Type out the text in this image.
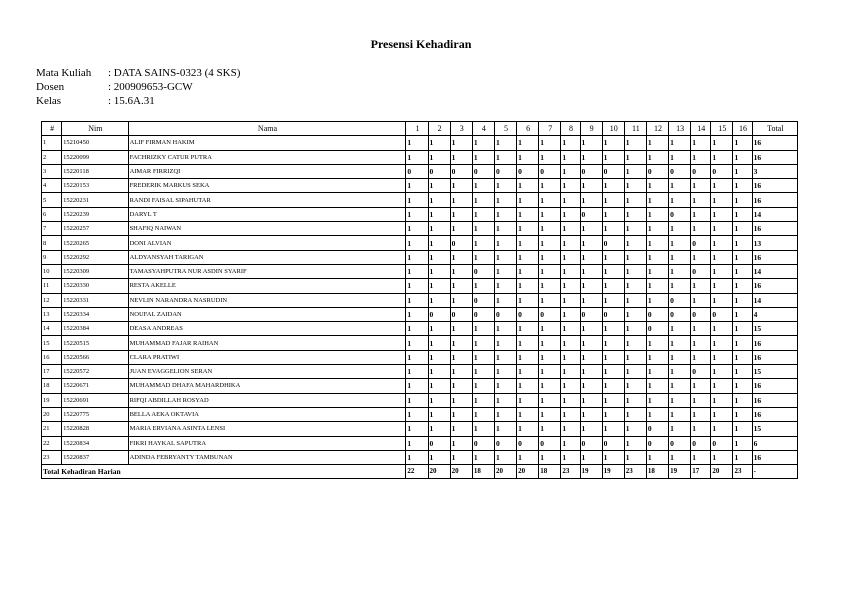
Presensi Kehadiran
Mata Kuliah	: DATA SAINS-0323 (4 SKS)
Dosen	: 200909653-GCW
Kelas	: 15.6A.31
#	Nim	Nama	1	2	3	4	5	6	7	8	9	10	11	12	13	14	15	16	Total
1	15210450	ALIF FIRMAN HAKIM	1	1	1	1	1	1	1	1	1	1	1	1	1	1	1	1	16
2	15220099	FACHRIZKY CATUR PUTRA	1	1	1	1	1	1	1	1	1	1	1	1	1	1	1	1	16
3	15220118	AIMAR FIRRIZQI	0	0	0	0	0	0	0	1	0	0	1	0	0	0	0	1	3
4	15220153	FREDERIK MARKUS SEKA	1	1	1	1	1	1	1	1	1	1	1	1	1	1	1	1	16
5	15220231	RANDI FAISAL SIPAHUTAR	1	1	1	1	1	1	1	1	1	1	1	1	1	1	1	1	16
6	15220239	DARYL T	1	1	1	1	1	1	1	1	0	1	1	1	0	1	1	1	14
7	15220257	SHAFIQ NAIWAN	1	1	1	1	1	1	1	1	1	1	1	1	1	1	1	1	16
8	15220265	DONI ALVIAN	1	1	0	1	1	1	1	1	1	0	1	1	1	0	1	1	13
9	15220292	ALDYANSYAH TARIGAN	1	1	1	1	1	1	1	1	1	1	1	1	1	1	1	1	16
10	15220309	TAMASYAHPUTRA NUR ASDIN SYARIF	1	1	1	0	1	1	1	1	1	1	1	1	1	0	1	1	14
11	15220330	RESTA AKELLE	1	1	1	1	1	1	1	1	1	1	1	1	1	1	1	1	16
12	15220331	NEVLIN NARANDRA NASRUDIN	1	1	1	0	1	1	1	1	1	1	1	1	0	1	1	1	14
13	15220334	NOUFAL ZAIDAN	1	0	0	0	0	0	0	1	0	0	1	0	0	0	0	1	4
14	15220384	DEASA ANDREAS	1	1	1	1	1	1	1	1	1	1	1	0	1	1	1	1	15
15	15220515	MUHAMMAD FAJAR RAIHAN	1	1	1	1	1	1	1	1	1	1	1	1	1	1	1	1	16
16	15220566	CLARA PRATIWI	1	1	1	1	1	1	1	1	1	1	1	1	1	1	1	1	16
17	15220572	JUAN EVAGGELION SERAN	1	1	1	1	1	1	1	1	1	1	1	1	1	0	1	1	15
18	15220671	MUHAMMAD DHAFA MAHARDHIKA	1	1	1	1	1	1	1	1	1	1	1	1	1	1	1	1	16
19	15220691	RIFQI ABDILLAH ROSYAD	1	1	1	1	1	1	1	1	1	1	1	1	1	1	1	1	16
20	15220775	BELLA AEKA OKTAVIA	1	1	1	1	1	1	1	1	1	1	1	1	1	1	1	1	16
21	15220828	MARIA ERVIANA ASINTA LENSI	1	1	1	1	1	1	1	1	1	1	1	0	1	1	1	1	15
22	15220834	FIKRI HAYKAL SAPUTRA	1	0	1	0	0	0	0	1	0	0	1	0	0	0	0	1	6
23	15220837	ADINDA FEBRYANTY TAMBUNAN	1	1	1	1	1	1	1	1	1	1	1	1	1	1	1	1	16
Total Kehadiran Harian			22	20	20	18	20	20	18	23	19	19	23	18	19	17	20	23	-
